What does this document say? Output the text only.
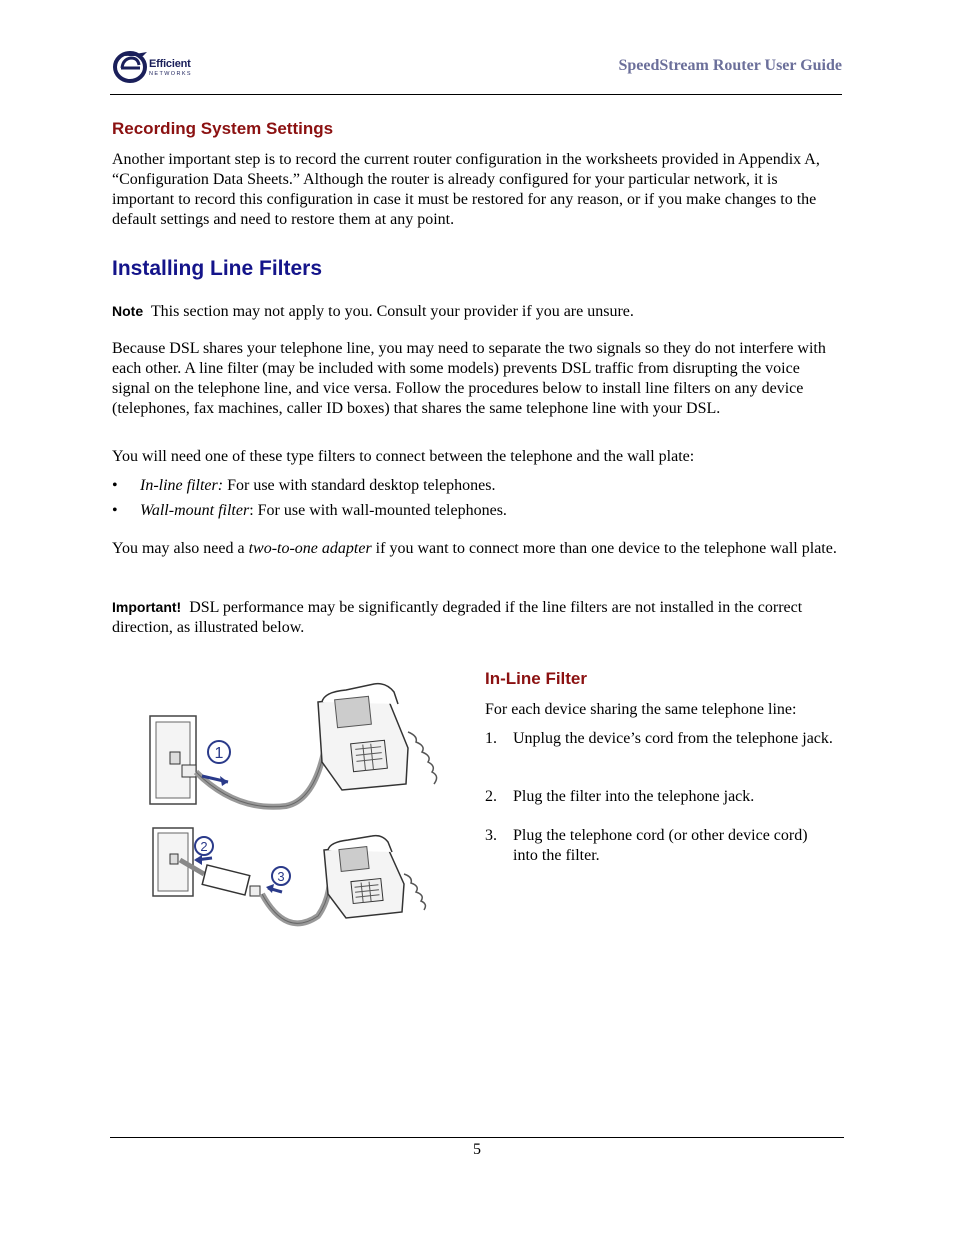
Efficient
NETWORKS	SpeedStream Router User Guide
Recording System Settings
Another important step is to record the current router configuration in the worksheets provided in Appendix A, “Configuration Data Sheets.” Although the router is already configured for your particular network, it is important to record this configuration in case it must be restored for any reason, or if you make changes to the default settings and need to restore them at any point.
Installing Line Filters
Note This section may not apply to you. Consult your provider if you are unsure.
Because DSL shares your telephone line, you may need to separate the two signals so they do not interfere with each other. A line filter (may be included with some models) prevents DSL traffic from disrupting the voice signal on the telephone line, and vice versa. Follow the procedures below to install line filters on any device (telephones, fax machines, caller ID boxes) that shares the same telephone line with your DSL.
You will need one of these type filters to connect between the telephone and the wall plate:
• In-line filter: For use with standard desktop telephones.
• Wall-mount filter: For use with wall-mounted telephones.
You may also need a two-to-one adapter if you want to connect more than one device to the telephone wall plate.
Important! DSL performance may be significantly degraded if the line filters are not installed in the correct direction, as illustrated below.
1
2
3
In-Line Filter
For each device sharing the same telephone line:
1. Unplug the device’s cord from the telephone jack.
2. Plug the filter into the telephone jack.
3. Plug the telephone cord (or other device cord) into the filter.
5
